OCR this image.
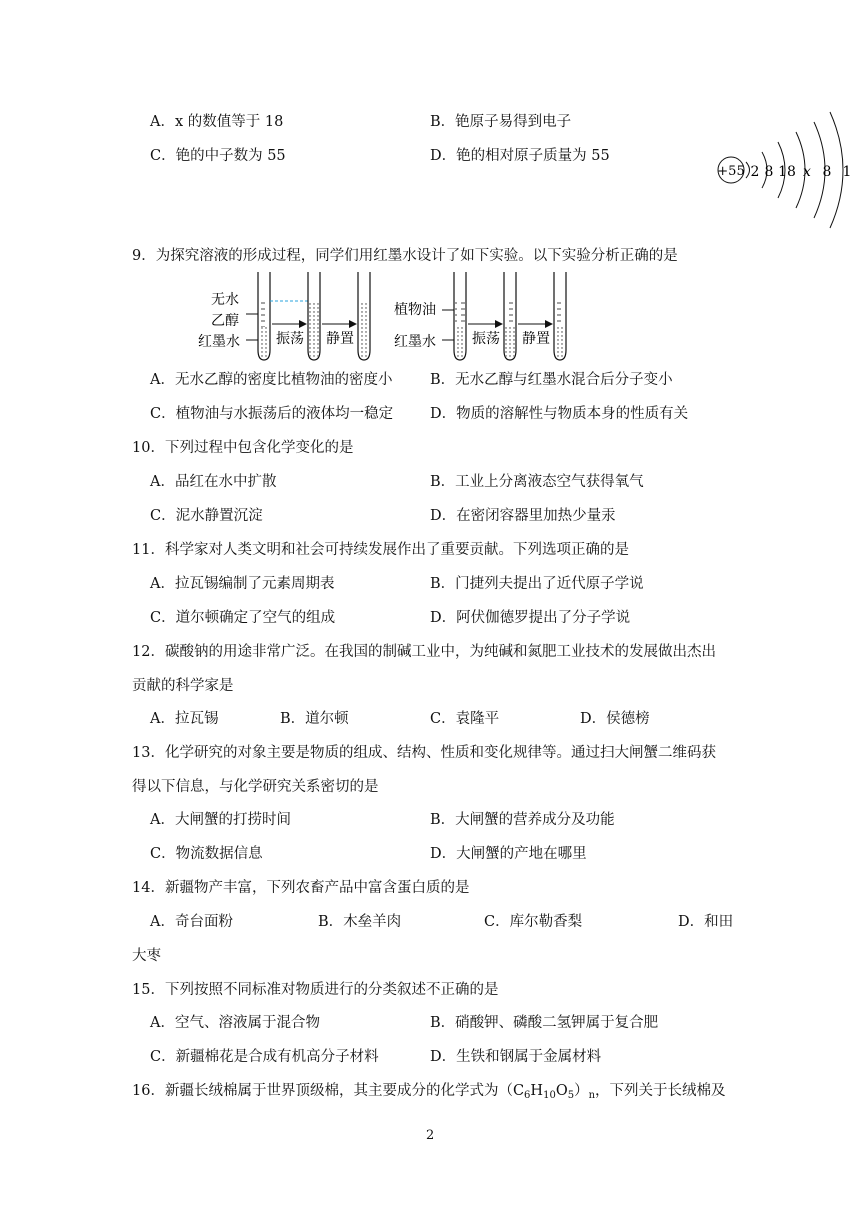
A．x 的数值等于 18	B．铯原子易得到电子
C．铯的中子数为 55	D．铯的相对原子质量为 55
+55 2 8 18 x 8 1
9．为探究溶液的形成过程，同学们用红墨水设计了如下实验。以下实验分析正确的是
无水
乙醇
红墨水	振荡 静置
植物油
红墨水	振荡 静置
A．无水乙醇的密度比植物油的密度小	B．无水乙醇与红墨水混合后分子变小
C．植物油与水振荡后的液体均一稳定	D．物质的溶解性与物质本身的性质有关
10．下列过程中包含化学变化的是
A．品红在水中扩散	B．工业上分离液态空气获得氧气
C．泥水静置沉淀	D．在密闭容器里加热少量汞
11．科学家对人类文明和社会可持续发展作出了重要贡献。下列选项正确的是
A．拉瓦锡编制了元素周期表	B．门捷列夫提出了近代原子学说
C．道尔顿确定了空气的组成	D．阿伏伽德罗提出了分子学说
12．碳酸钠的用途非常广泛。在我国的制碱工业中，为纯碱和氮肥工业技术的发展做出杰出
贡献的科学家是
A．拉瓦锡	B．道尔顿	C．袁隆平	D．侯德榜
13．化学研究的对象主要是物质的组成、结构、性质和变化规律等。通过扫大闸蟹二维码获
得以下信息，与化学研究关系密切的是
A．大闸蟹的打捞时间	B．大闸蟹的营养成分及功能
C．物流数据信息	D．大闸蟹的产地在哪里
14．新疆物产丰富，下列农畜产品中富含蛋白质的是
A．奇台面粉	B．木垒羊肉	C．库尔勒香梨	D．和田
大枣
15．下列按照不同标准对物质进行的分类叙述不正确的是
A．空气、溶液属于混合物	B．硝酸钾、磷酸二氢钾属于复合肥
C．新疆棉花是合成有机高分子材料	D．生铁和钢属于金属材料
16．新疆长绒棉属于世界顶级棉，其主要成分的化学式为$(C_6H_{10}O_5)_n$，下列关于长绒棉及
2
